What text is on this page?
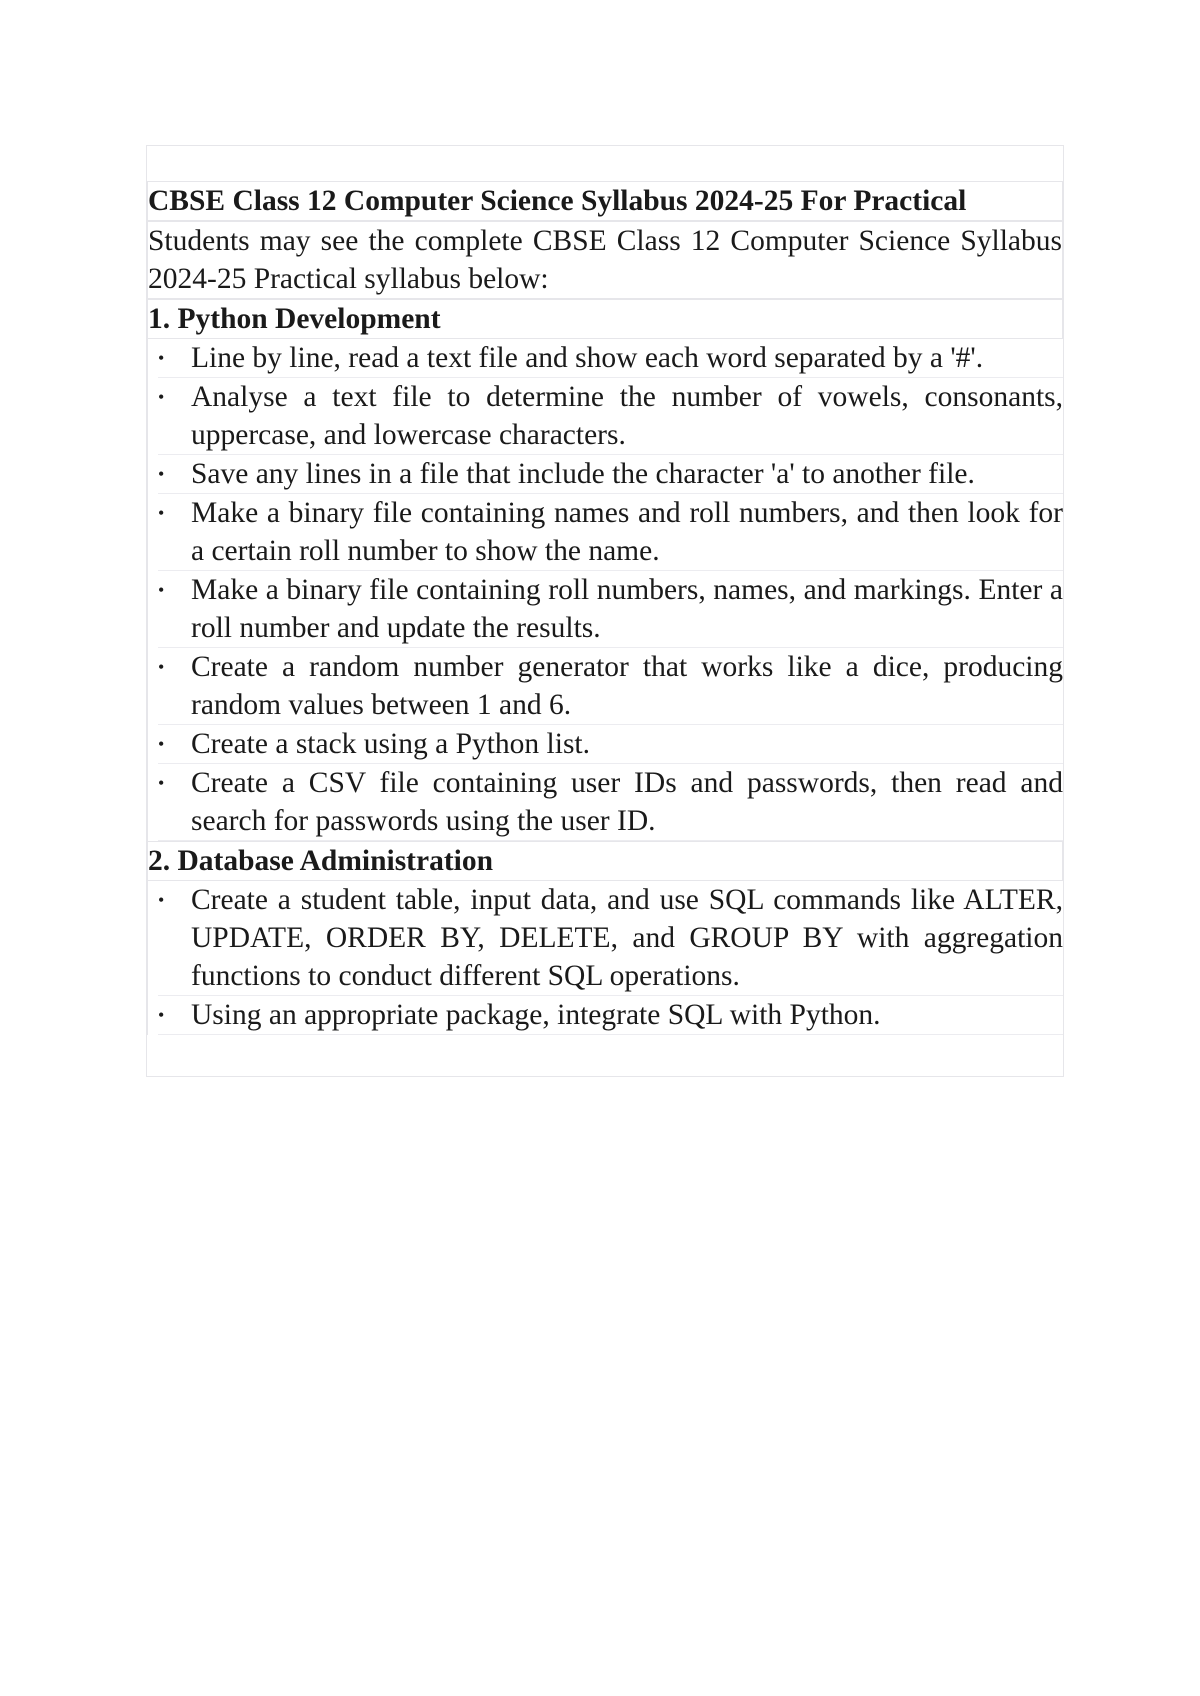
CBSE Class 12 Computer Science Syllabus 2024-25 For Practical
Students may see the complete CBSE Class 12 Computer Science Syllabus 2024-25 Practical syllabus below:
1. Python Development
• Line by line, read a text file and show each word separated by a '#'.
• Analyse a text file to determine the number of vowels, consonants, uppercase, and lowercase characters.
• Save any lines in a file that include the character 'a' to another file.
• Make a binary file containing names and roll numbers, and then look for a certain roll number to show the name.
• Make a binary file containing roll numbers, names, and markings. Enter a roll number and update the results.
• Create a random number generator that works like a dice, producing random values between 1 and 6.
• Create a stack using a Python list.
• Create a CSV file containing user IDs and passwords, then read and search for passwords using the user ID.
2. Database Administration
• Create a student table, input data, and use SQL commands like ALTER, UPDATE, ORDER BY, DELETE, and GROUP BY with aggregation functions to conduct different SQL operations.
• Using an appropriate package, integrate SQL with Python.
